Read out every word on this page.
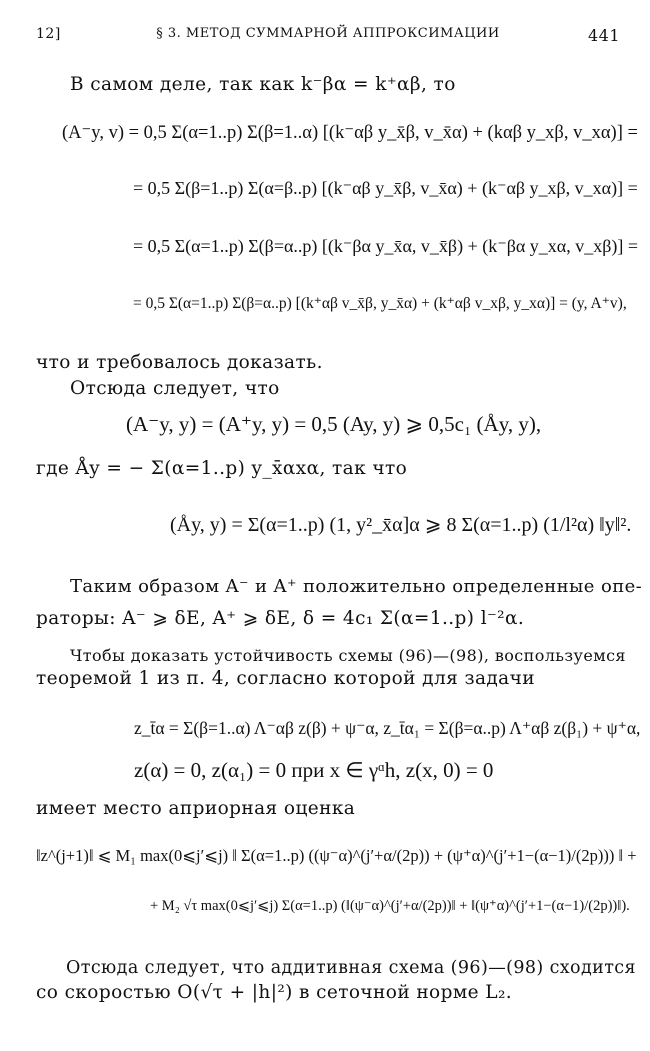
12]	§ 3. МЕТОД СУММАРНОЙ АППРОКСИМАЦИИ	441
В самом деле, так как k⁻βα = k⁺αβ, то
(A⁻y, v) = 0,5 Σ(α=1..p) Σ(β=1..α) [(k⁻αβ y_x̄β, v_x̄α) + (kαβ y_xβ, v_xα)] =
= 0,5 Σ(β=1..p) Σ(α=β..p) [(k⁻αβ y_x̄β, v_x̄α) + (k⁻αβ y_xβ, v_xα)] =
= 0,5 Σ(α=1..p) Σ(β=α..p) [(k⁻βα y_x̄α, v_x̄β) + (k⁻βα y_xα, v_xβ)] =
= 0,5 Σ(α=1..p) Σ(β=α..p) [(k⁺αβ v_x̄β, y_x̄α) + (k⁺αβ v_xβ, y_xα)] = (y, A⁺v),
что и требовалось доказать.
Отсюда следует, что
(A⁻y, y) = (A⁺y, y) = 0,5 (Ay, y) ⩾ 0,5c₁ (Åy, y),
где Åy = − Σ(α=1..p) y_x̄αxα, так что
(Åy, y) = Σ(α=1..p) (1, y²_x̄α]α ⩾ 8 Σ(α=1..p) (1/l²α) ‖y‖².
Таким образом A⁻ и A⁺ положительно определенные опе-
раторы: A⁻ ⩾ δE, A⁺ ⩾ δE, δ = 4c₁ Σ(α=1..p) l⁻²α.
Чтобы доказать устойчивость схемы (96)—(98), воспользуемся
теоремой 1 из п. 4, согласно которой для задачи
z_t̄α = Σ(β=1..α) Λ⁻αβ z(β) + ψ⁻α, z_t̄α₁ = Σ(β=α..p) Λ⁺αβ z(β₁) + ψ⁺α,
z(α) = 0, z(α₁) = 0 при x ∈ γᵅh, z(x, 0) = 0
имеет место априорная оценка
‖z^(j+1)‖ ⩽ M₁ max(0⩽j′⩽j) ‖ Σ(α=1..p) ((ψ⁻α)^(j′+α/(2p)) + (ψ⁺α)^(j′+1−(α−1)/(2p))) ‖ +
+ M₂ √τ max(0⩽j′⩽j) Σ(α=1..p) (‖(ψ⁻α)^(j′+α/(2p))‖ + ‖(ψ⁺α)^(j′+1−(α−1)/(2p))‖).
Отсюда следует, что аддитивная схема (96)—(98) сходится
со скоростью O(√τ + |h|²) в сеточной норме L₂.
